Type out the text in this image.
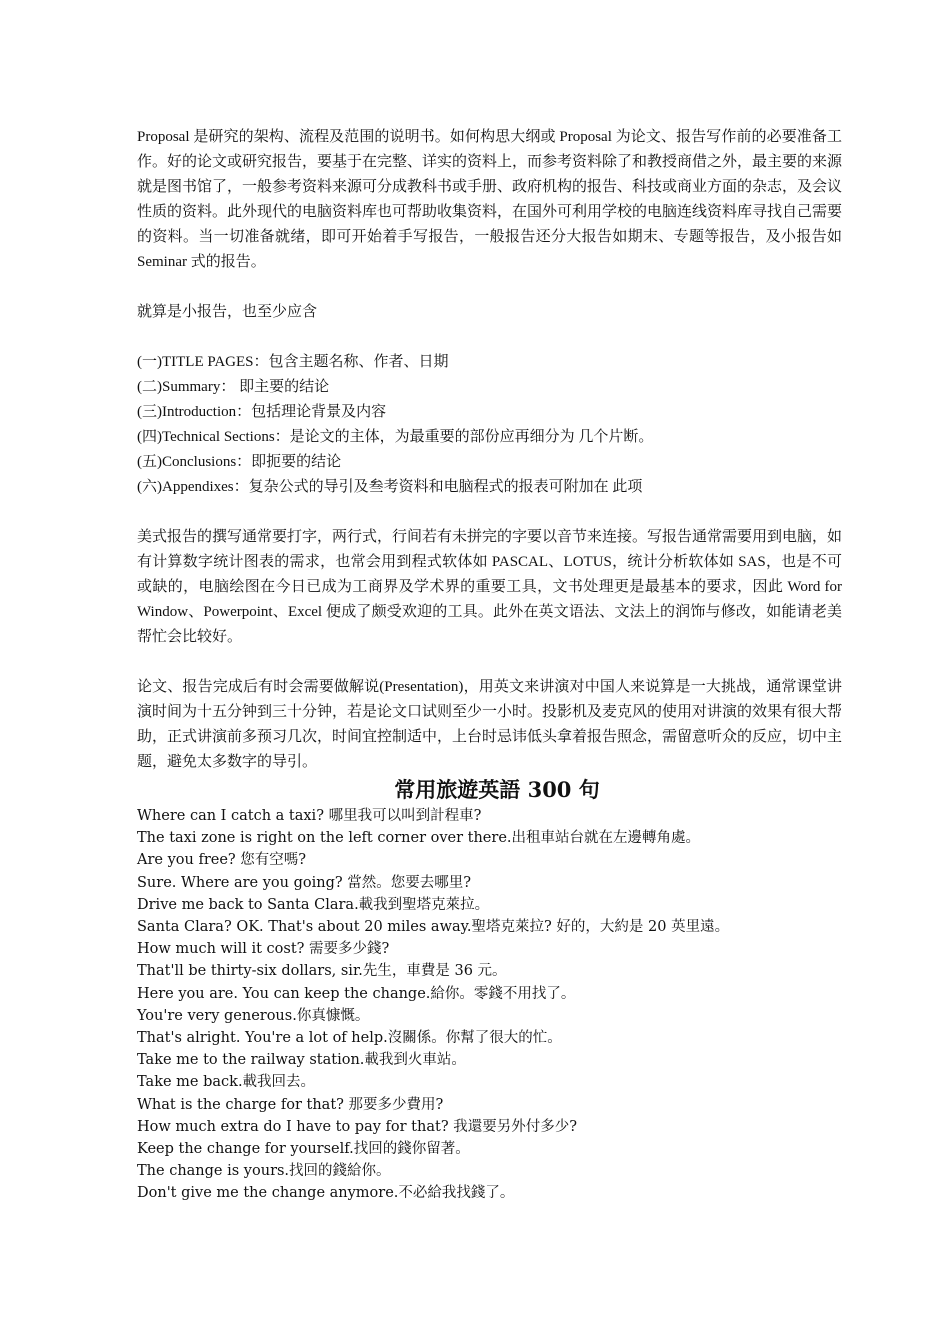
Proposal 是研究的架构、流程及范围的说明书。如何构思大纲或 Proposal 为论文、报告写作前的必要准备工作。好的论文或研究报告，要基于在完整、详实的资料上，而参考资料除了和教授商借之外，最主要的来源就是图书馆了，一般参考资料来源可分成教科书或手册、政府机构的报告、科技或商业方面的杂志，及会议性质的资料。此外现代的电脑资料库也可帮助收集资料，在国外可利用学校的电脑连线资料库寻找自己需要的资料。当一切准备就绪，即可开始着手写报告，一般报告还分大报告如期末、专题等报告，及小报告如 Seminar 式的报告。

就算是小报告，也至少应含

(一)TITLE PAGES：包含主题名称、作者、日期

(二)Summary： 即主要的结论

(三)Introduction：包括理论背景及内容

(四)Technical Sections：是论文的主体，为最重要的部份应再细分为 几个片断。

(五)Conclusions：即扼要的结论

(六)Appendixes：复杂公式的导引及叁考资料和电脑程式的报表可附加在 此项

美式报告的撰写通常要打字，两行式，行间若有未拼完的字要以音节来连接。写报告通常需要用到电脑，如有计算数字统计图表的需求，也常会用到程式软体如 PASCAL、LOTUS，统计分析软体如 SAS，也是不可或缺的，电脑绘图在今日已成为工商界及学术界的重要工具，文书处理更是最基本的要求，因此 Word for Window、Powerpoint、Excel 便成了颇受欢迎的工具。此外在英文语法、文法上的润饰与修改，如能请老美帮忙会比较好。

论文、报告完成后有时会需要做解说(Presentation)，用英文来讲演对中国人来说算是一大挑战，通常课堂讲演时间为十五分钟到三十分钟，若是论文口试则至少一小时。投影机及麦克风的使用对讲演的效果有很大帮助，正式讲演前多预习几次，时间宜控制适中，上台时忌讳低头拿着报告照念，需留意听众的反应，切中主题，避免太多数字的导引。

常用旅遊英語 300 句
Where can I catch a taxi? 哪里我可以叫到計程車?
The taxi zone is right on the left corner over there.出租車站台就在左邊轉角處。
Are you free? 您有空嗎?
Sure. Where are you going? 當然。您要去哪里?
Drive me back to Santa Clara.載我到聖塔克萊拉。
Santa Clara? OK. That's about 20 miles away.聖塔克萊拉? 好的，大約是 20 英里遠。
How much will it cost? 需要多少錢?
That'll be thirty-six dollars, sir.先生，車費是 36 元。
Here you are. You can keep the change.給你。零錢不用找了。
You're very generous.你真慷慨。
That's alright. You're a lot of help.沒關係。你幫了很大的忙。
Take me to the railway station.載我到火車站。
Take me back.載我回去。
What is the charge for that? 那要多少費用?
How much extra do I have to pay for that? 我還要另外付多少?
Keep the change for yourself.找回的錢你留著。
The change is yours.找回的錢給你。
Don't give me the change anymore.不必給我找錢了。
